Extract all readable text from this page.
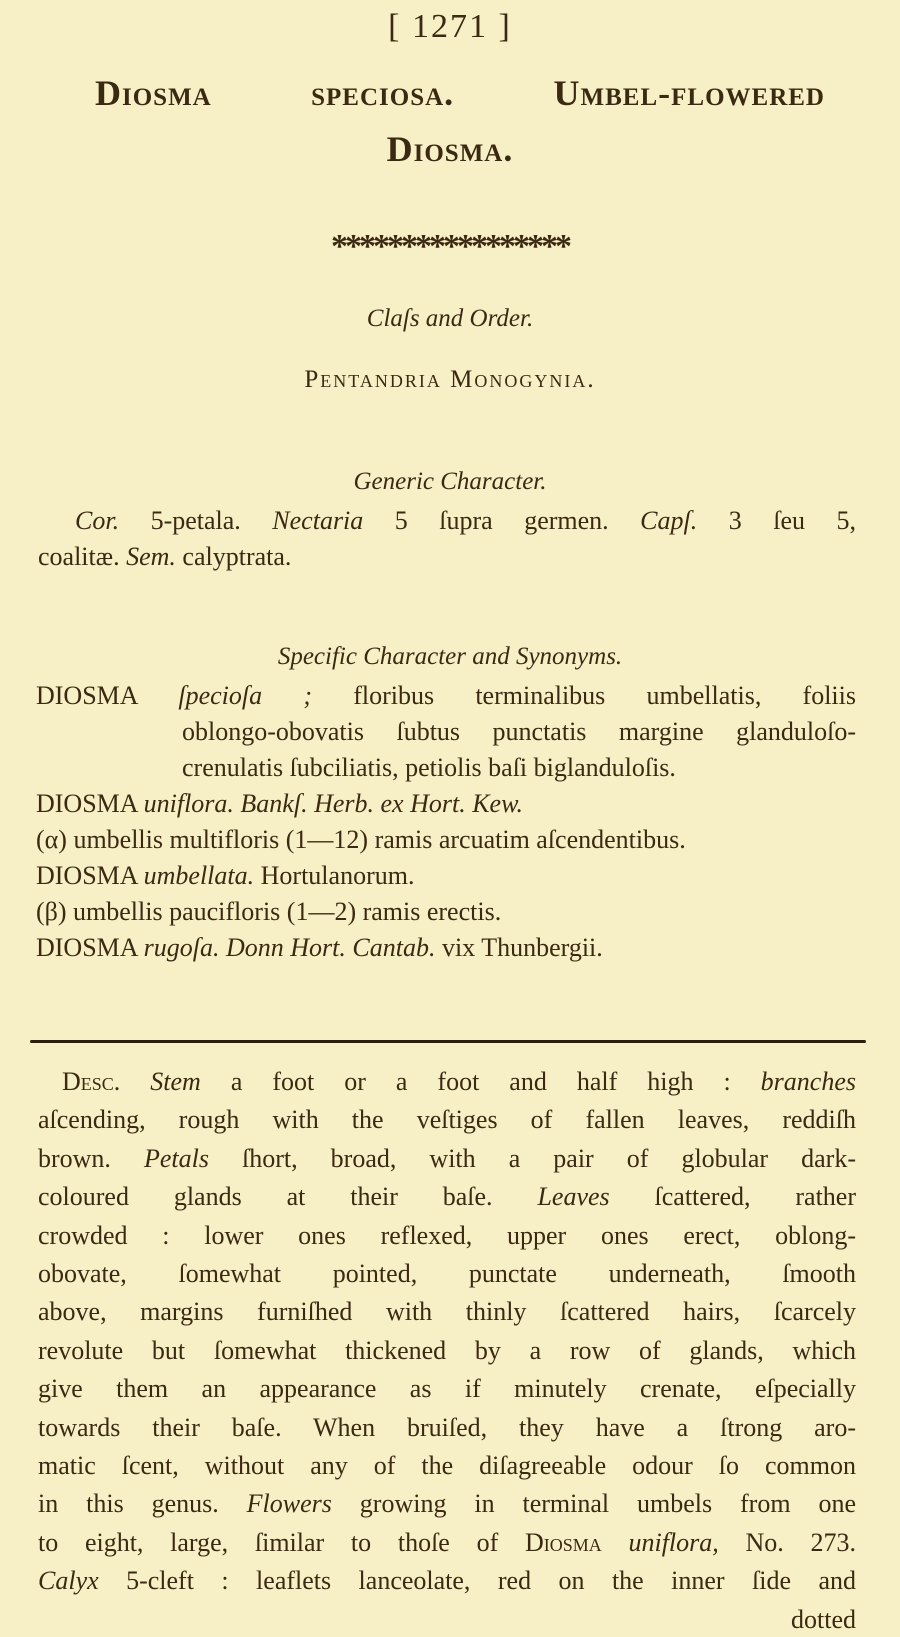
[ 1271 ]
Diosma speciosa. Umbel-flowered
Diosma.
*****************
Claſs and Order.
Pentandria Monogynia.
Generic Character.
Cor. 5-petala. Nectaria 5 ſupra germen. Capſ. 3 ſeu 5,
coalitæ. Sem. calyptrata.
Specific Character and Synonyms.
DIOSMA ſpecioſa ; floribus terminalibus umbellatis, foliis
oblongo-obovatis ſubtus punctatis margine glanduloſo-
crenulatis ſubciliatis, petiolis baſi biglanduloſis.
DIOSMA uniflora. Bankſ. Herb. ex Hort. Kew.
(α) umbellis multifloris (1—12) ramis arcuatim aſcendentibus.
DIOSMA umbellata. Hortulanorum.
(β) umbellis paucifloris (1—2) ramis erectis.
DIOSMA rugoſa. Donn Hort. Cantab. vix Thunbergii.
Desc. Stem a foot or a foot and half high : branches
aſcending, rough with the veſtiges of fallen leaves, reddiſh
brown. Petals ſhort, broad, with a pair of globular dark-
coloured glands at their baſe. Leaves ſcattered, rather
crowded : lower ones reflexed, upper ones erect, oblong-
obovate, ſomewhat pointed, punctate underneath, ſmooth
above, margins furniſhed with thinly ſcattered hairs, ſcarcely
revolute but ſomewhat thickened by a row of glands, which
give them an appearance as if minutely crenate, eſpecially
towards their baſe. When bruiſed, they have a ſtrong aro-
matic ſcent, without any of the diſagreeable odour ſo common
in this genus. Flowers growing in terminal umbels from one
to eight, large, ſimilar to thoſe of Diosma uniflora, No. 273.
Calyx 5-cleft : leaflets lanceolate, red on the inner ſide and
dotted
